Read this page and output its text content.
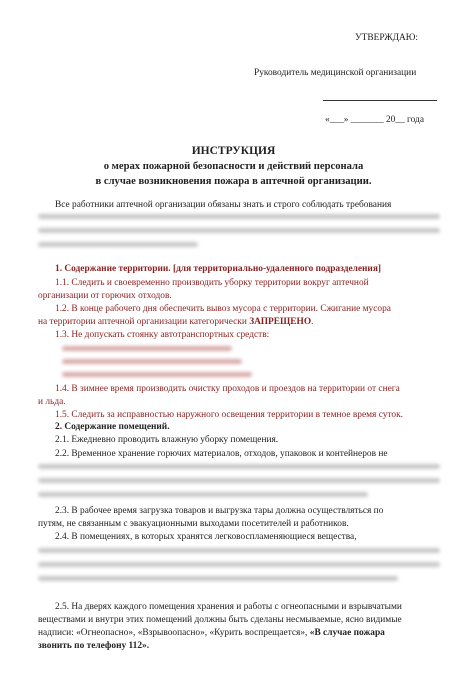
УТВЕРЖДАЮ:
Руководитель медицинской организации
«___» _______ 20__ года
ИНСТРУКЦИЯ
о мерах пожарной безопасности и действий персонала
в случае возникновения пожара в аптечной организации.
Все работники аптечной организации обязаны знать и строго соблюдать требования
1. Содержание территории. [для территориально-удаленного подразделения]
1.1. Следить и своевременно производить уборку территории вокруг аптечной
организации от горючих отходов.
1.2. В конце рабочего дня обеспечить вывоз мусора с территории. Сжигание мусора
на территории аптечной организации категорически ЗАПРЕЩЕНО.
1.3. Не допускать стоянку автотранспортных средств:
1.4. В зимнее время производить очистку проходов и проездов на территории от снега
и льда.
1.5. Следить за исправностью наружного освещения территории в темное время суток.
2. Содержание помещений.
2.1. Ежедневно проводить влажную уборку помещения.
2.2. Временное хранение горючих материалов, отходов, упаковок и контейнеров не
2.3. В рабочее время загрузка товаров и выгрузка тары должна осуществляться по
путям, не связанным с эвакуационными выходами посетителей и работников.
2.4. В помещениях, в которых хранятся легковоспламеняющиеся вещества,
2.5. На дверях каждого помещения хранения и работы с огнеопасными и взрывчатыми
веществами и внутри этих помещений должны быть сделаны несмываемые, ясно видимые
надписи: «Огнеопасно», «Взрывоопасно», «Курить воспрещается», «В случае пожара
звонить по телефону 112».
